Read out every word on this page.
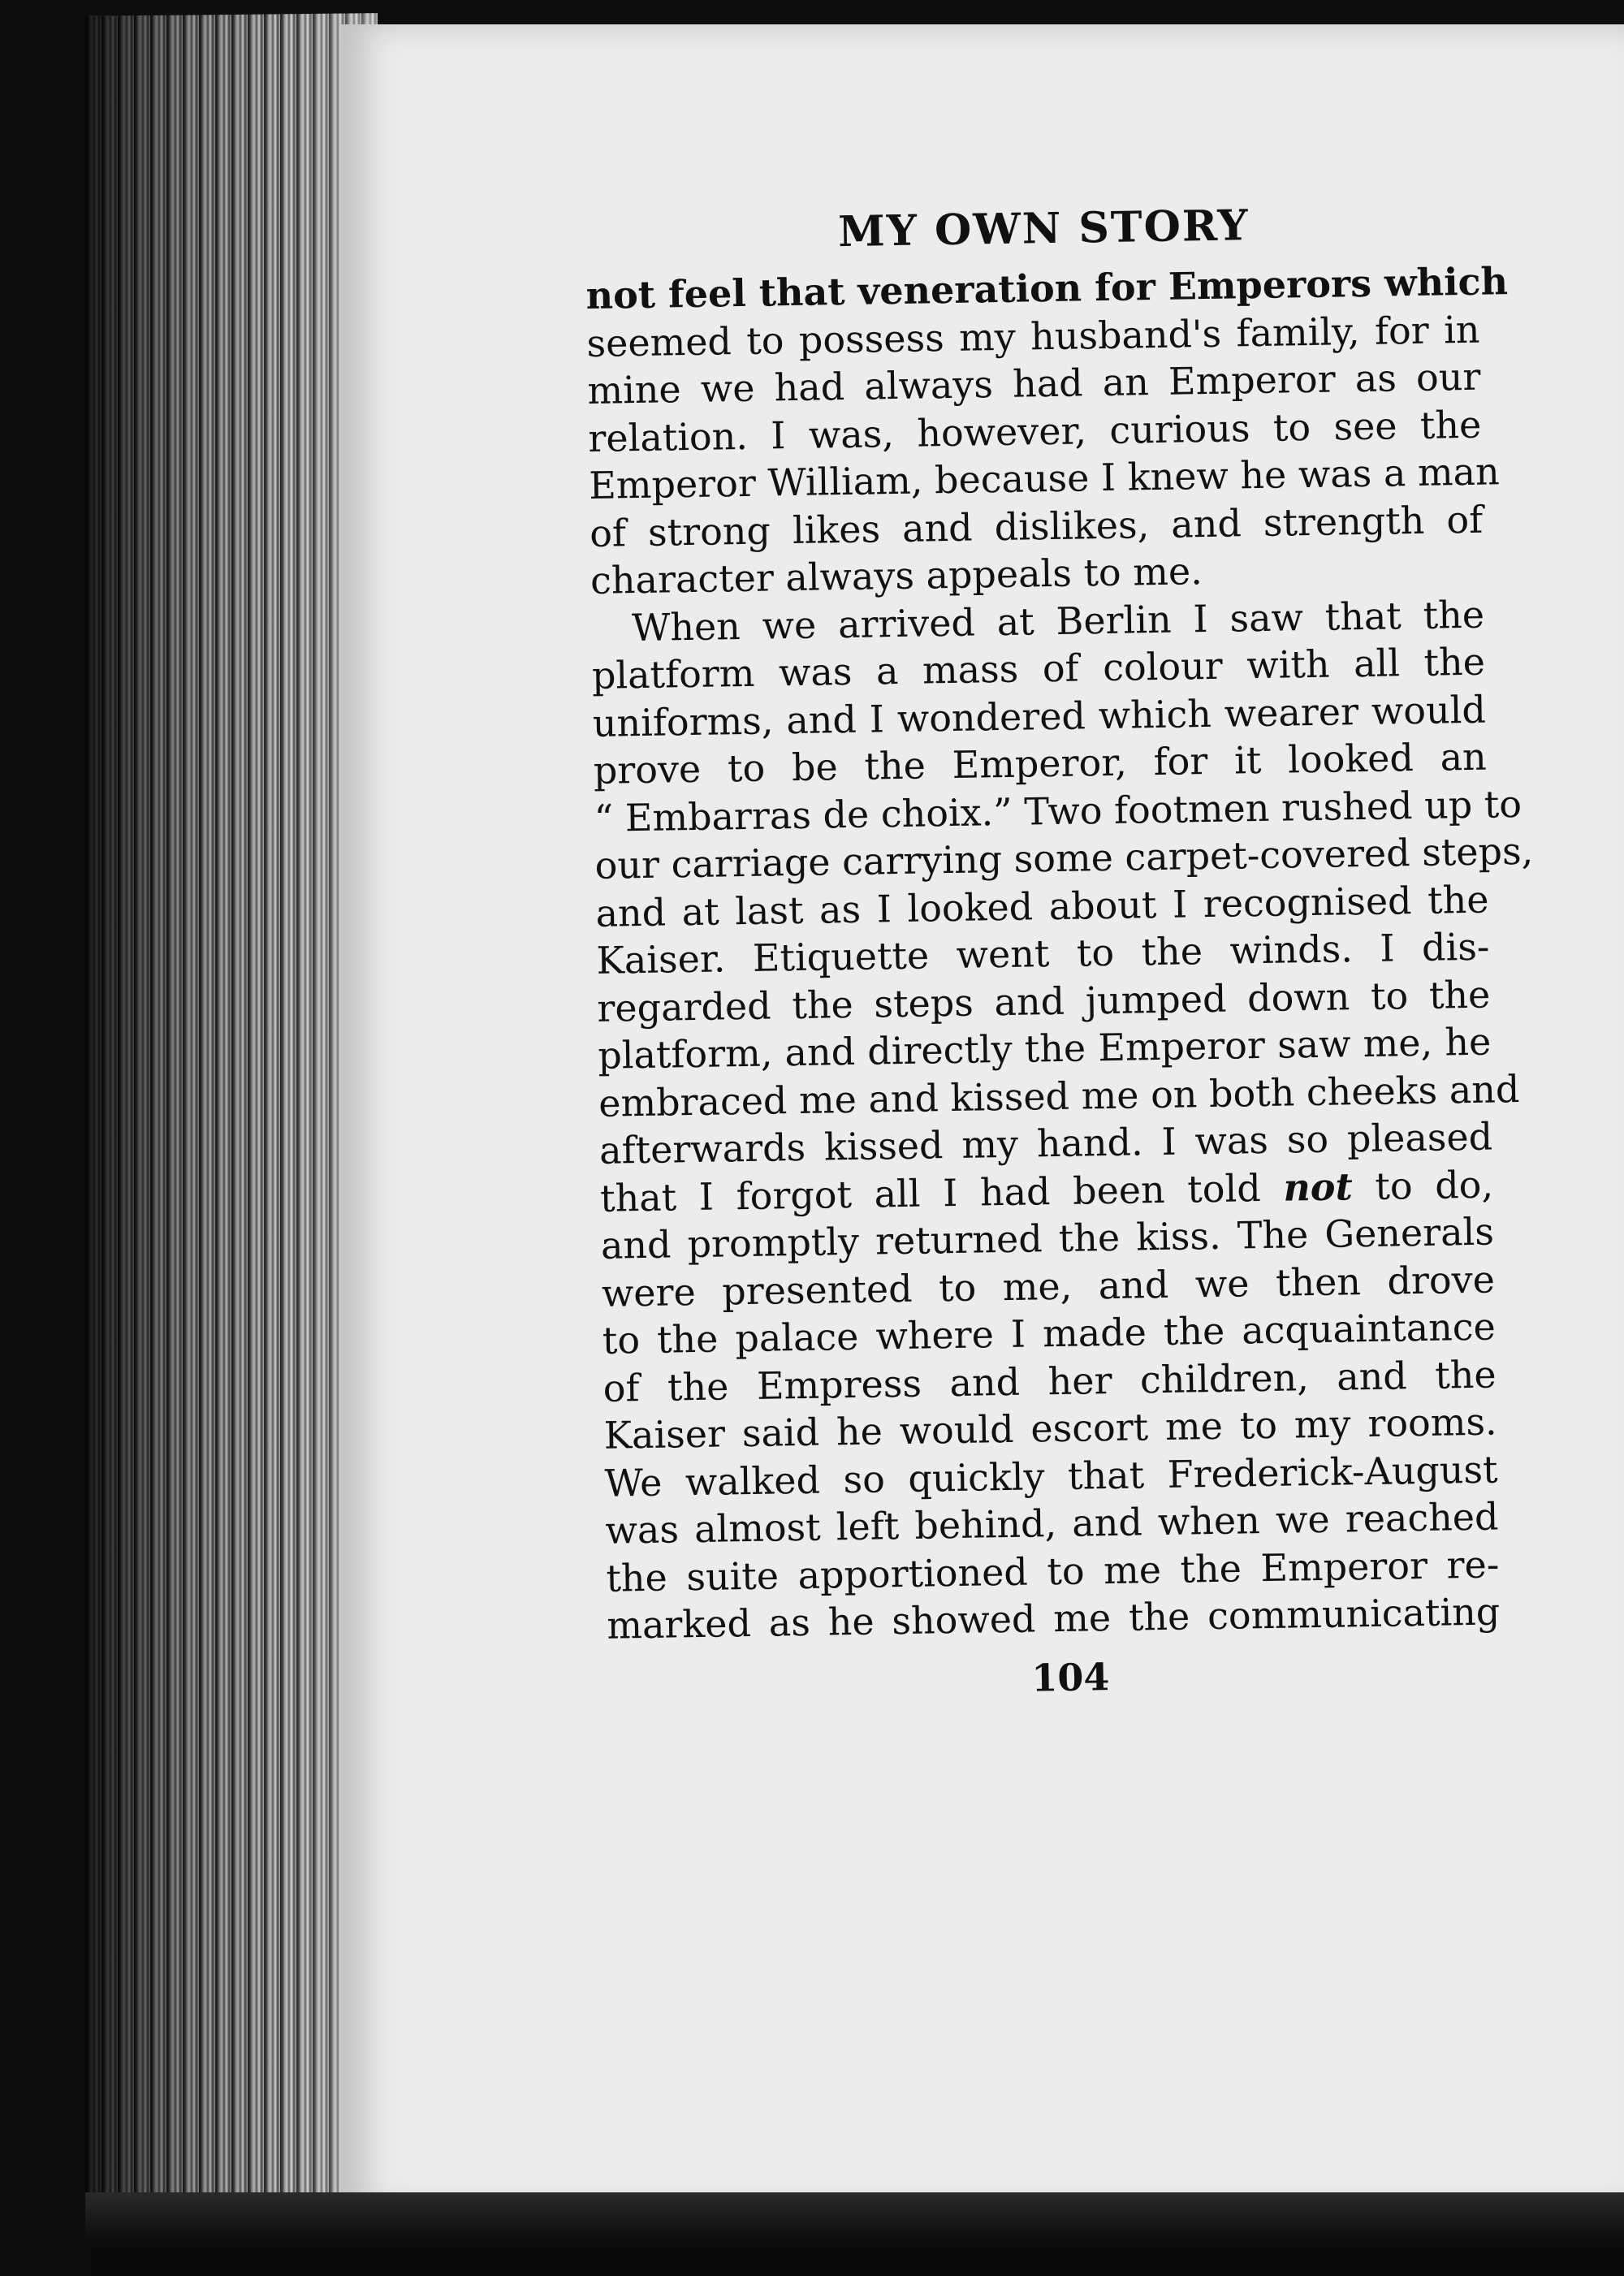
MY OWN STORY
not feel that veneration for Emperors which
seemed to possess my husband's family, for in
mine we had always had an Emperor as our
relation. I was, however, curious to see the
Emperor William, because I knew he was a man
of strong likes and dislikes, and strength of
character always appeals to me.
When we arrived at Berlin I saw that the
platform was a mass of colour with all the
uniforms, and I wondered which wearer would
prove to be the Emperor, for it looked an
“ Embarras de choix.” Two footmen rushed up to
our carriage carrying some carpet-covered steps,
and at last as I looked about I recognised the
Kaiser. Etiquette went to the winds. I dis-
regarded the steps and jumped down to the
platform, and directly the Emperor saw me, he
embraced me and kissed me on both cheeks and
afterwards kissed my hand. I was so pleased
that I forgot all I had been told not to do,
and promptly returned the kiss. The Generals
were presented to me, and we then drove
to the palace where I made the acquaintance
of the Empress and her children, and the
Kaiser said he would escort me to my rooms.
We walked so quickly that Frederick-August
was almost left behind, and when we reached
the suite apportioned to me the Emperor re-
marked as he showed me the communicating
104
